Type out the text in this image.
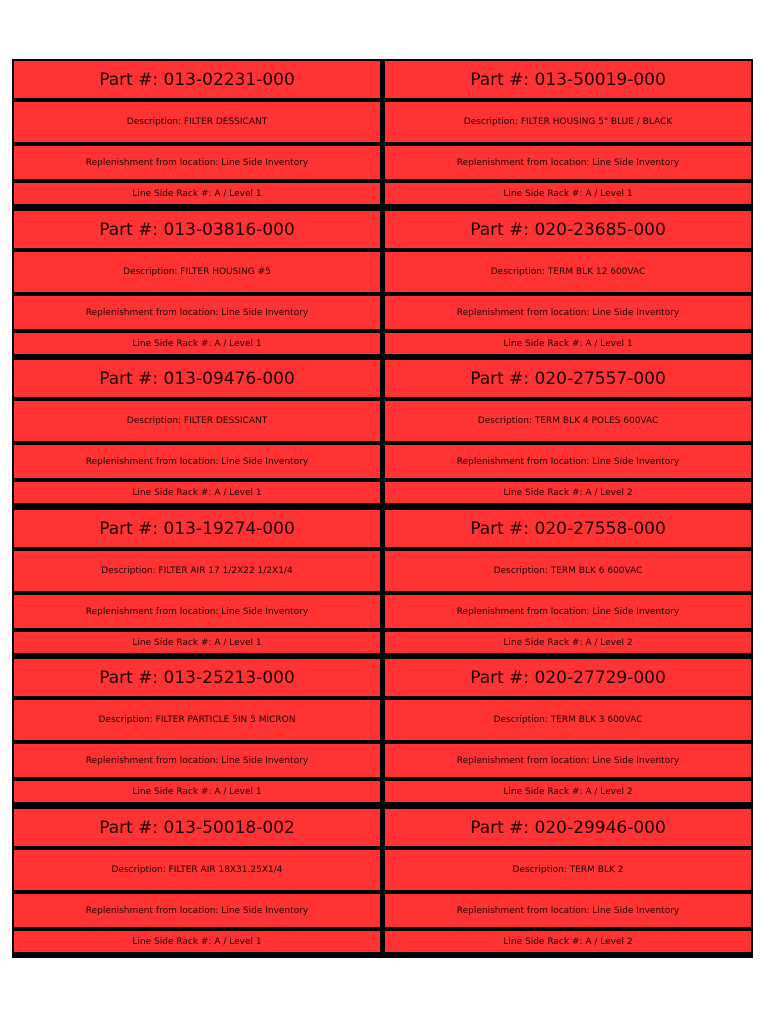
Part #: 013-02231-000
Description: FILTER DESSICANT
Replenishment from location: Line Side Inventory
Line Side Rack #: A / Level 1
Part #: 013-50019-000
Description: FILTER HOUSING 5" BLUE / BLACK
Replenishment from location: Line Side Inventory
Line Side Rack #: A / Level 1
Part #: 013-03816-000
Description: FILTER HOUSING #5
Replenishment from location: Line Side Inventory
Line Side Rack #: A / Level 1
Part #: 020-23685-000
Description: TERM BLK 12 600VAC
Replenishment from location: Line Side Inventory
Line Side Rack #: A / Level 1
Part #: 013-09476-000
Description: FILTER DESSICANT
Replenishment from location: Line Side Inventory
Line Side Rack #: A / Level 1
Part #: 020-27557-000
Description: TERM BLK 4 POLES 600VAC
Replenishment from location: Line Side Inventory
Line Side Rack #: A / Level 2
Part #: 013-19274-000
Description: FILTER AIR 17 1/2X22 1/2X1/4
Replenishment from location: Line Side Inventory
Line Side Rack #: A / Level 1
Part #: 020-27558-000
Description: TERM BLK 6 600VAC
Replenishment from location: Line Side Inventory
Line Side Rack #: A / Level 2
Part #: 013-25213-000
Description: FILTER PARTICLE 5IN 5 MICRON
Replenishment from location: Line Side Inventory
Line Side Rack #: A / Level 1
Part #: 020-27729-000
Description: TERM BLK 3 600VAC
Replenishment from location: Line Side Inventory
Line Side Rack #: A / Level 2
Part #: 013-50018-002
Description: FILTER AIR 18X31.25X1/4
Replenishment from location: Line Side Inventory
Line Side Rack #: A / Level 1
Part #: 020-29946-000
Description: TERM BLK 2
Replenishment from location: Line Side Inventory
Line Side Rack #: A / Level 2
